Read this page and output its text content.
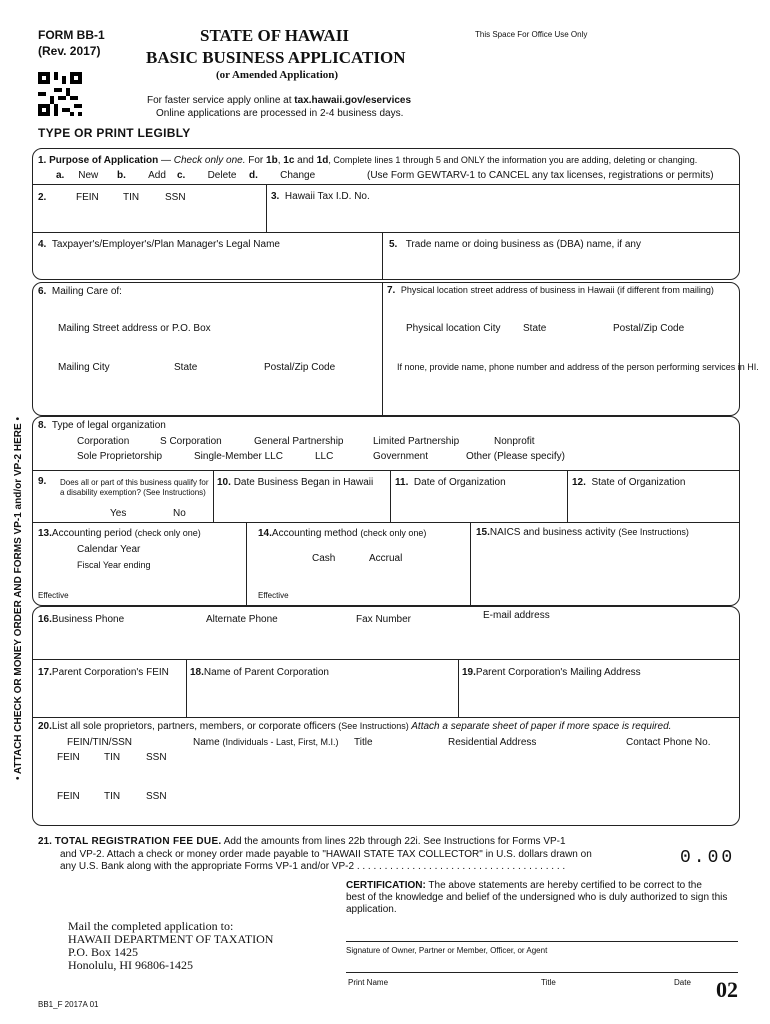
FORM BB-1
(Rev. 2017)
STATE OF HAWAII
BASIC BUSINESS APPLICATION
(or Amended Application)
This Space For Office Use Only
For faster service apply online at tax.hawaii.gov/eservices
Online applications are processed in 2-4 business days.
TYPE OR PRINT LEGIBLY
• ATTACH CHECK OR MONEY ORDER AND FORMS VP-1 and/or VP-2 HERE •
1. Purpose of Application — Check only one. For 1b, 1c and 1d, Complete lines 1 through 5 and ONLY the information you are adding, deleting or changing.
a. New b. Add c. Delete d. Change	(Use Form GEWTARV-1 to CANCEL any tax licenses, registrations or permits)
2.	FEIN TIN	SSN	3. Hawaii Tax I.D. No.
4. Taxpayer's/Employer's/Plan Manager's Legal Name	5. Trade name or doing business as (DBA) name, if any
6. Mailing Care of:
Mailing Street address or P.O. Box
Mailing City	State	Postal/Zip Code
7. Physical location street address of business in Hawaii (if different from mailing)
Physical location City State	Postal/Zip Code
If none, provide name, phone number and address of the person performing services in HI.
8. Type of legal organization
Corporation	S Corporation	General Partnership	Limited Partnership	Nonprofit
Sole Proprietorship	Single-Member LLC	LLC	Government	Other (Please specify)
9. Does all or part of this business qualify for
a disability exemption? (See Instructions)
Yes	No
10. Date Business Began in Hawaii 11. Date of Organization	12. State of Organization
13.Accounting period (check only one)
Calendar Year
Fiscal Year ending
Effective
14.Accounting method (check only one)
Cash	Accrual
Effective
15.NAICS and business activity (See Instructions)
16.Business Phone	Alternate Phone	Fax Number	E-mail address
17.Parent Corporation's FEIN 18.Name of Parent Corporation	19.Parent Corporation's Mailing Address
20.List all sole proprietors, partners, members, or corporate officers (See Instructions) Attach a separate sheet of paper if more space is required.
FEIN/TIN/SSN	Name (Individuals - Last, First, M.I.) Title	Residential Address	Contact Phone No.
FEIN TIN	SSN
FEIN TIN	SSN
21. TOTAL REGISTRATION FEE DUE. Add the amounts from lines 22b through 22i. See Instructions for Forms VP-1
and VP-2. Attach a check or money order made payable to "HAWAII STATE TAX COLLECTOR" in U.S. dollars drawn on
any U.S. Bank along with the appropriate Forms VP-1 and/or VP-2 . . . . . . . . . . . . . . . . . . . . . . . . . . . . . . . . . . . . . .	0.00
CERTIFICATION: The above statements are hereby certified to be correct to the
best of the knowledge and belief of the undersigned who is duly authorized to sign this
application.
Signature of Owner, Partner or Member, Officer, or Agent
Print Name	Title	Date
Mail the completed application to:
HAWAII DEPARTMENT OF TAXATION
P.O. Box 1425
Honolulu, HI 96806-1425
BB1_F 2017A 01
02
